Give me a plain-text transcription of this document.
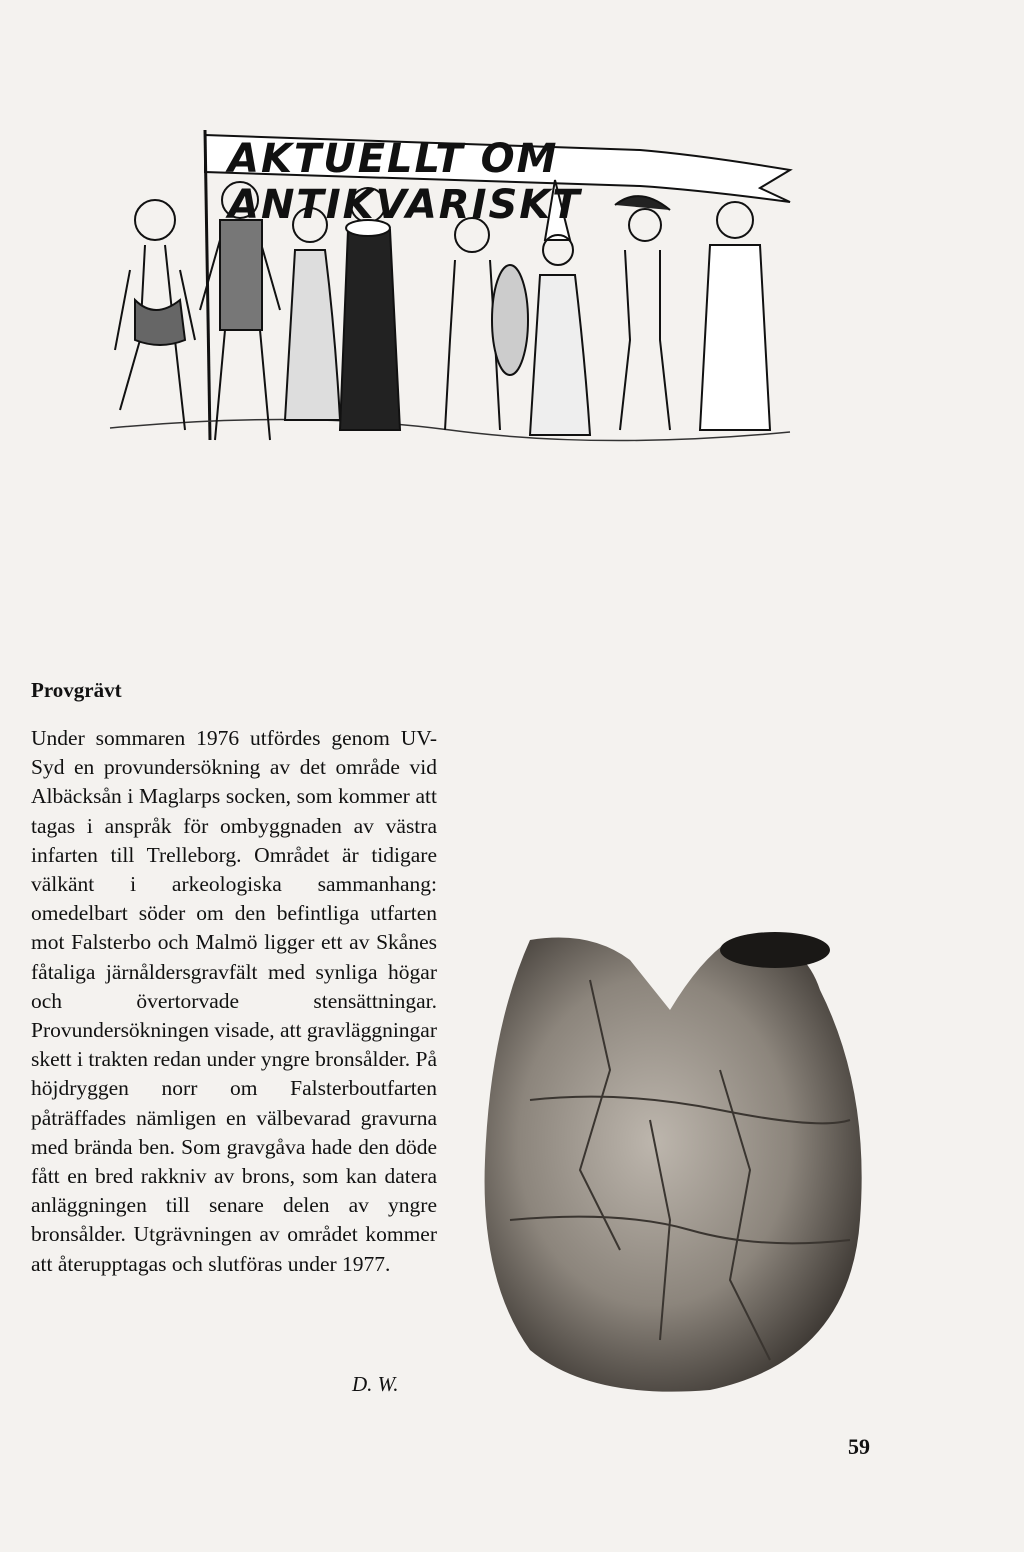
AKTUELLT OM ANTIKVARISKT
Provgrävt

Under sommaren 1976 utfördes genom UV-Syd en provundersökning av det område vid Albäcksån i Maglarps socken, som kommer att tagas i anspråk för ombyggnaden av västra infarten till Trelleborg. Området är tidigare välkänt i arkeologiska sammanhang: omedelbart söder om den befintliga utfarten mot Falsterbo och Malmö ligger ett av Skånes fåtaliga järnåldersgravfält med synliga högar och övertorvade stensättningar. Provundersökningen visade, att gravläggningar skett i trakten redan under yngre bronsålder. På höjdryggen norr om Falsterboutfarten påträffades nämligen en välbevarad gravurna med brända ben. Som gravgåva hade den döde fått en bred rakkniv av brons, som kan datera anläggningen till senare delen av yngre bronsålder. Utgrävningen av området kommer att återupptagas och slutföras under 1977.

D. W.

59
